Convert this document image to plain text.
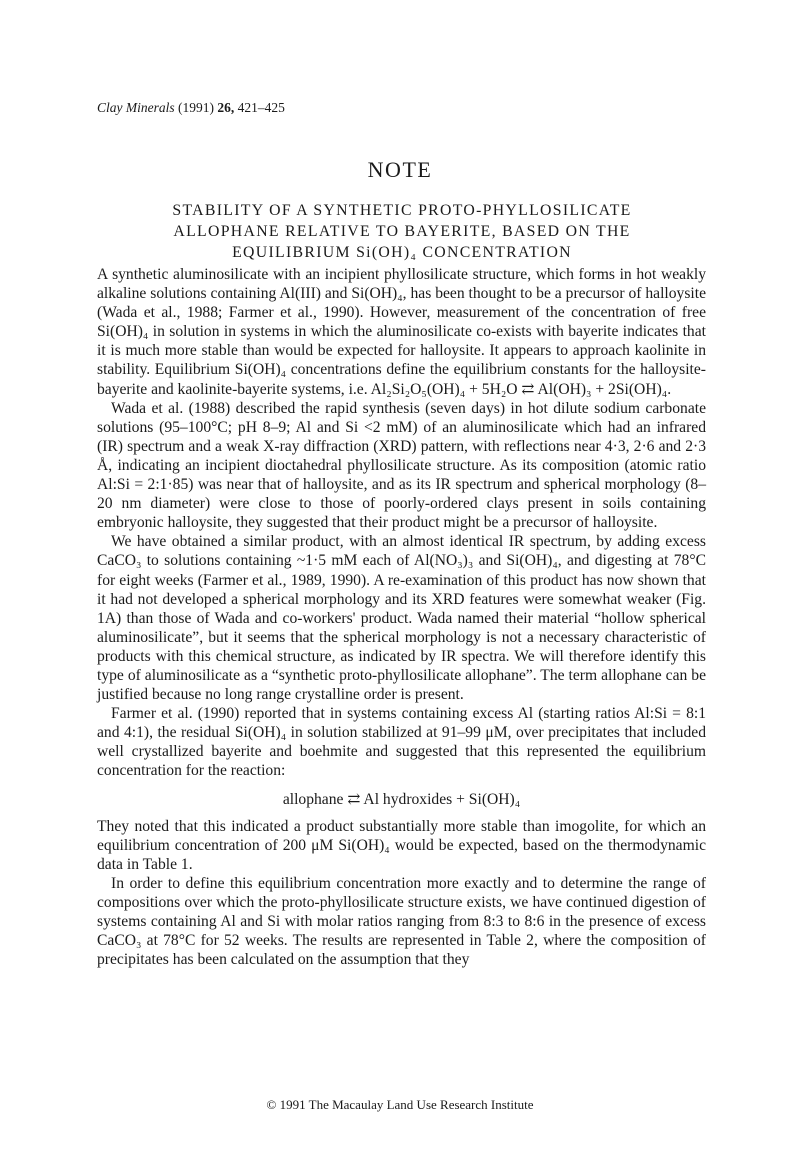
Clay Minerals (1991) 26, 421–425
NOTE
STABILITY OF A SYNTHETIC PROTO-PHYLLOSILICATE
ALLOPHANE RELATIVE TO BAYERITE, BASED ON THE
EQUILIBRIUM Si(OH)₄ CONCENTRATION

A synthetic aluminosilicate with an incipient phyllosilicate structure, which forms in hot weakly alkaline solutions containing Al(III) and Si(OH)₄, has been thought to be a precursor of halloysite (Wada et al., 1988; Farmer et al., 1990). However, measurement of the concentration of free Si(OH)₄ in solution in systems in which the aluminosilicate co-exists with bayerite indicates that it is much more stable than would be expected for halloysite. It appears to approach kaolinite in stability. Equilibrium Si(OH)₄ concentrations define the equilibrium constants for the halloysite-bayerite and kaolinite-bayerite systems, i.e. Al₂Si₂O₅(OH)₄ + 5H₂O ⇄ Al(OH)₃ + 2Si(OH)₄.

Wada et al. (1988) described the rapid synthesis (seven days) in hot dilute sodium carbonate solutions (95–100°C; pH 8–9; Al and Si <2 mM) of an aluminosilicate which had an infrared (IR) spectrum and a weak X-ray diffraction (XRD) pattern, with reflections near 4·3, 2·6 and 2·3 Å, indicating an incipient dioctahedral phyllosilicate structure. As its composition (atomic ratio Al:Si = 2:1·85) was near that of halloysite, and as its IR spectrum and spherical morphology (8–20 nm diameter) were close to those of poorly-ordered clays present in soils containing embryonic halloysite, they suggested that their product might be a precursor of halloysite.

We have obtained a similar product, with an almost identical IR spectrum, by adding excess CaCO₃ to solutions containing ~1·5 mM each of Al(NO₃)₃ and Si(OH)₄, and digesting at 78°C for eight weeks (Farmer et al., 1989, 1990). A re-examination of this product has now shown that it had not developed a spherical morphology and its XRD features were somewhat weaker (Fig. 1A) than those of Wada and co-workers' product. Wada named their material “hollow spherical aluminosilicate”, but it seems that the spherical morphology is not a necessary characteristic of products with this chemical structure, as indicated by IR spectra. We will therefore identify this type of aluminosilicate as a “synthetic proto-phyllosilicate allophane”. The term allophane can be justified because no long range crystalline order is present.

Farmer et al. (1990) reported that in systems containing excess Al (starting ratios Al:Si = 8:1 and 4:1), the residual Si(OH)₄ in solution stabilized at 91–99 μM, over precipitates that included well crystallized bayerite and boehmite and suggested that this represented the equilibrium concentration for the reaction:

allophane ⇄ Al hydroxides + Si(OH)₄

They noted that this indicated a product substantially more stable than imogolite, for which an equilibrium concentration of 200 μM Si(OH)₄ would be expected, based on the thermodynamic data in Table 1.

In order to define this equilibrium concentration more exactly and to determine the range of compositions over which the proto-phyllosilicate structure exists, we have continued digestion of systems containing Al and Si with molar ratios ranging from 8:3 to 8:6 in the presence of excess CaCO₃ at 78°C for 52 weeks. The results are represented in Table 2, where the composition of precipitates has been calculated on the assumption that they

© 1991 The Macaulay Land Use Research Institute
